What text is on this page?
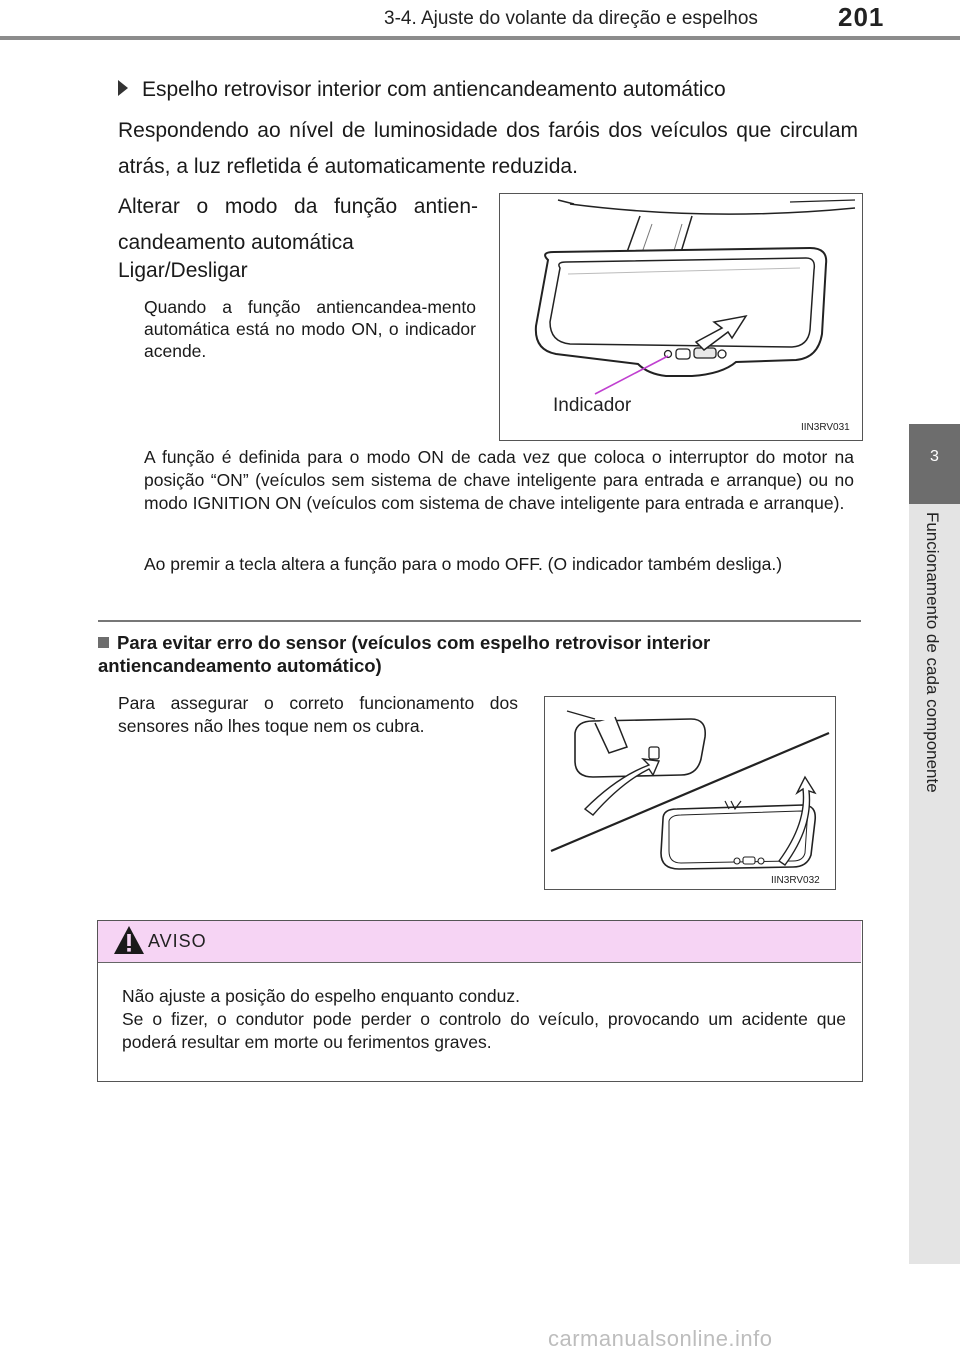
3-4. Ajuste do volante da direção e espelhos	201
3
Funcionamento de cada componente
Espelho retrovisor interior com antiencandeamento automático
Respondendo ao nível de luminosidade dos faróis dos veículos que circulam atrás, a luz refletida é automaticamente reduzida.
Alterar o modo da função antien-
candeamento automática
Ligar/Desligar
Quando a função antiencandea-mento automática está no modo ON, o indicador acende.
Indicador
IIN3RV031
A função é definida para o modo ON de cada vez que coloca o interruptor do motor na posição “ON” (veículos sem sistema de chave inteligente para entrada e arranque) ou no modo IGNITION ON (veículos com sistema de chave inteligente para entrada e arranque).
Ao premir a tecla altera a função para o modo OFF. (O indicador também desliga.)
Para evitar erro do sensor (veículos com espelho retrovisor interior antiencandeamento automático)
Para assegurar o correto funcionamento dos sensores não lhes toque nem os cubra.
IIN3RV032
AVISO
Não ajuste a posição do espelho enquanto conduz.
Se o fizer, o condutor pode perder o controlo do veículo, provocando um acidente que poderá resultar em morte ou ferimentos graves.
carmanualsonline.info
